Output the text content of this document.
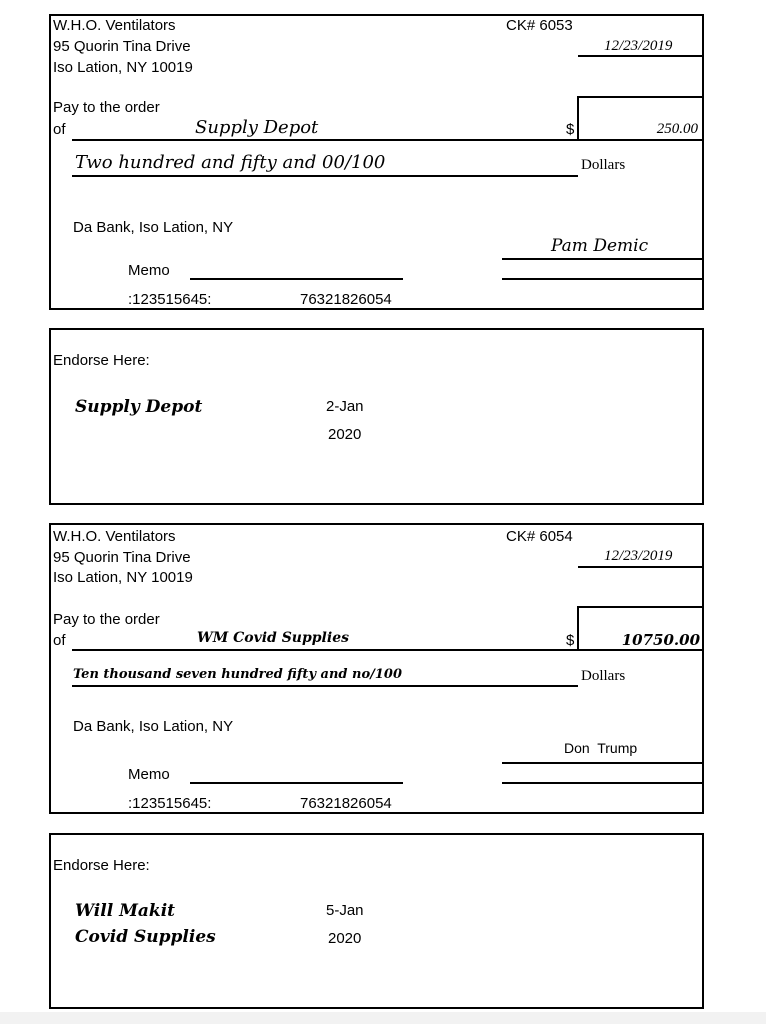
W.H.O. Ventilators
95 Quorin Tina Drive
Iso Lation, NY 10019
CK# 6053
12/23/2019
Pay to the order
of	Supply Depot	$	250.00
Two hundred and fifty and 00/100	Dollars
Da Bank, Iso Lation, NY
Pam Demic
Memo
:123515645:	76321826054
Endorse Here:
Supply Depot	2-Jan
2020
W.H.O. Ventilators
95 Quorin Tina Drive
Iso Lation, NY 10019
CK# 6054
12/23/2019
Pay to the order
of	WM Covid Supplies	$	10750.00
Ten thousand seven hundred fifty and no/100	Dollars
Da Bank, Iso Lation, NY
Don  Trump
Memo
:123515645:	76321826054
Endorse Here:
Will Makit
Covid Supplies
5-Jan
2020
